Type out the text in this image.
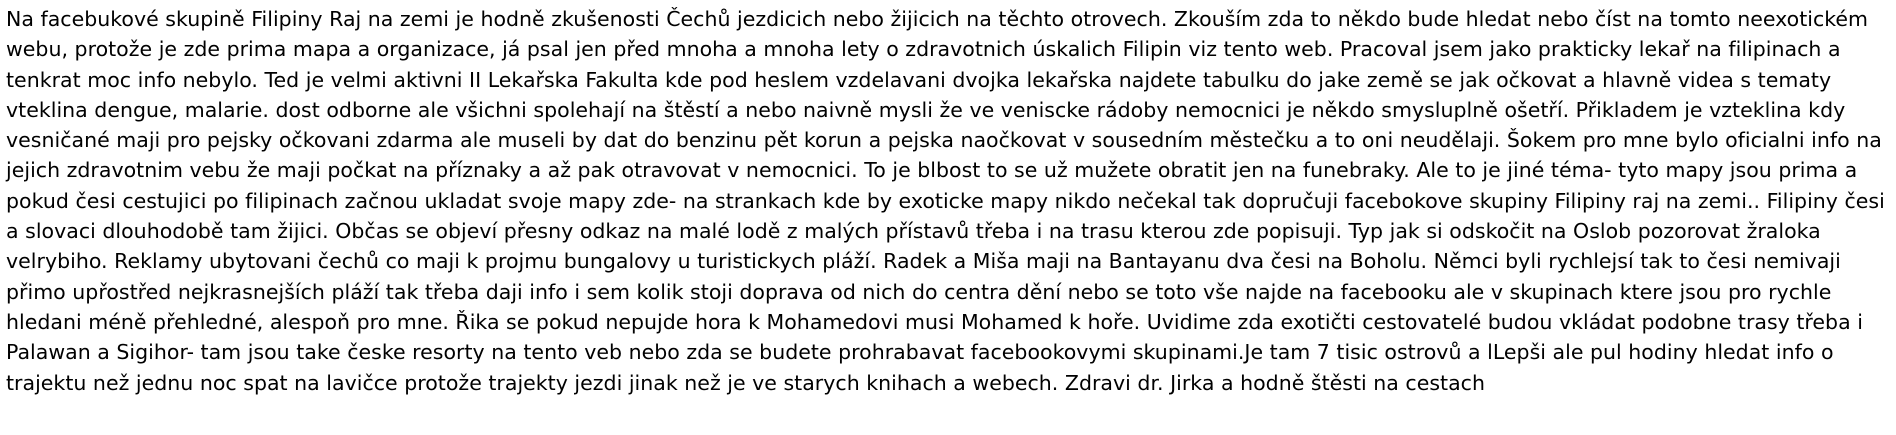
Na facebukové skupině Filipiny Raj na zemi je hodně zkušenosti Čechů jezdicich nebo žijicich na těchto otrovech. Zkouším zda to někdo bude hledat nebo číst na tomto neexotickém webu, protože je zde prima mapa a organizace, já psal jen před mnoha a mnoha lety o zdravotnich úskalich Filipin viz tento web. Pracoval jsem jako prakticky lekař na filipinach a tenkrat moc info nebylo. Ted je velmi aktivni II Lekařska Fakulta kde pod heslem vzdelavani dvojka lekařska najdete tabulku do jake země se jak očkovat a hlavně videa s tematy vteklina dengue, malarie. dost odborne ale všichni spolehají na štěstí a nebo naivně mysli že ve veniscke rádoby nemocnici je někdo smysluplně ošetří. Přikladem je vzteklina kdy vesničané maji pro pejsky očkovani zdarma ale museli by dat do benzinu pět korun a pejska naočkovat v sousedním městečku a to oni neudělaji. Šokem pro mne bylo oficialni info na jejich zdravotnim vebu že maji počkat na příznaky a až pak otravovat v nemocnici. To je blbost to se už mužete obratit jen na funebraky. Ale to je jiné téma- tyto mapy jsou prima a pokud česi cestujici po filipinach začnou ukladat svoje mapy zde- na strankach kde by exoticke mapy nikdo nečekal tak dopručuji facebokove skupiny Filipiny raj na zemi.. Filipiny česi a slovaci dlouhodobě tam žijici. Občas se objeví přesny odkaz na malé lodě z malých přístavů třeba i na trasu kterou zde popisuji. Typ jak si odskočit na Oslob pozorovat žraloka velrybiho. Reklamy ubytovani čechů co maji k projmu bungalovy u turistickych pláží. Radek a Miša maji na Bantayanu dva česi na Boholu. Němci byli rychlejsí tak to česi nemivaji přimo upřostřed nejkrasnejších pláží tak třeba daji info i sem kolik stoji doprava od nich do centra dění nebo se toto vše najde na facebooku ale v skupinach ktere jsou pro rychle hledani méně přehledné, alespoň pro mne. Řika se pokud nepujde hora k Mohamedovi musi Mohamed k hoře. Uvidime zda exotičti cestovatelé budou vkládat podobne trasy třeba i Palawan a Sigihor- tam jsou take česke resorty na tento veb nebo zda se budete prohrabavat facebookovymi skupinami.Je tam 7 tisic ostrovů a lLepši ale pul hodiny hledat info o trajektu než jednu noc spat na lavičce protože trajekty jezdi jinak než je ve starych knihach a webech. Zdravi dr. Jirka a hodně štěsti na cestach
